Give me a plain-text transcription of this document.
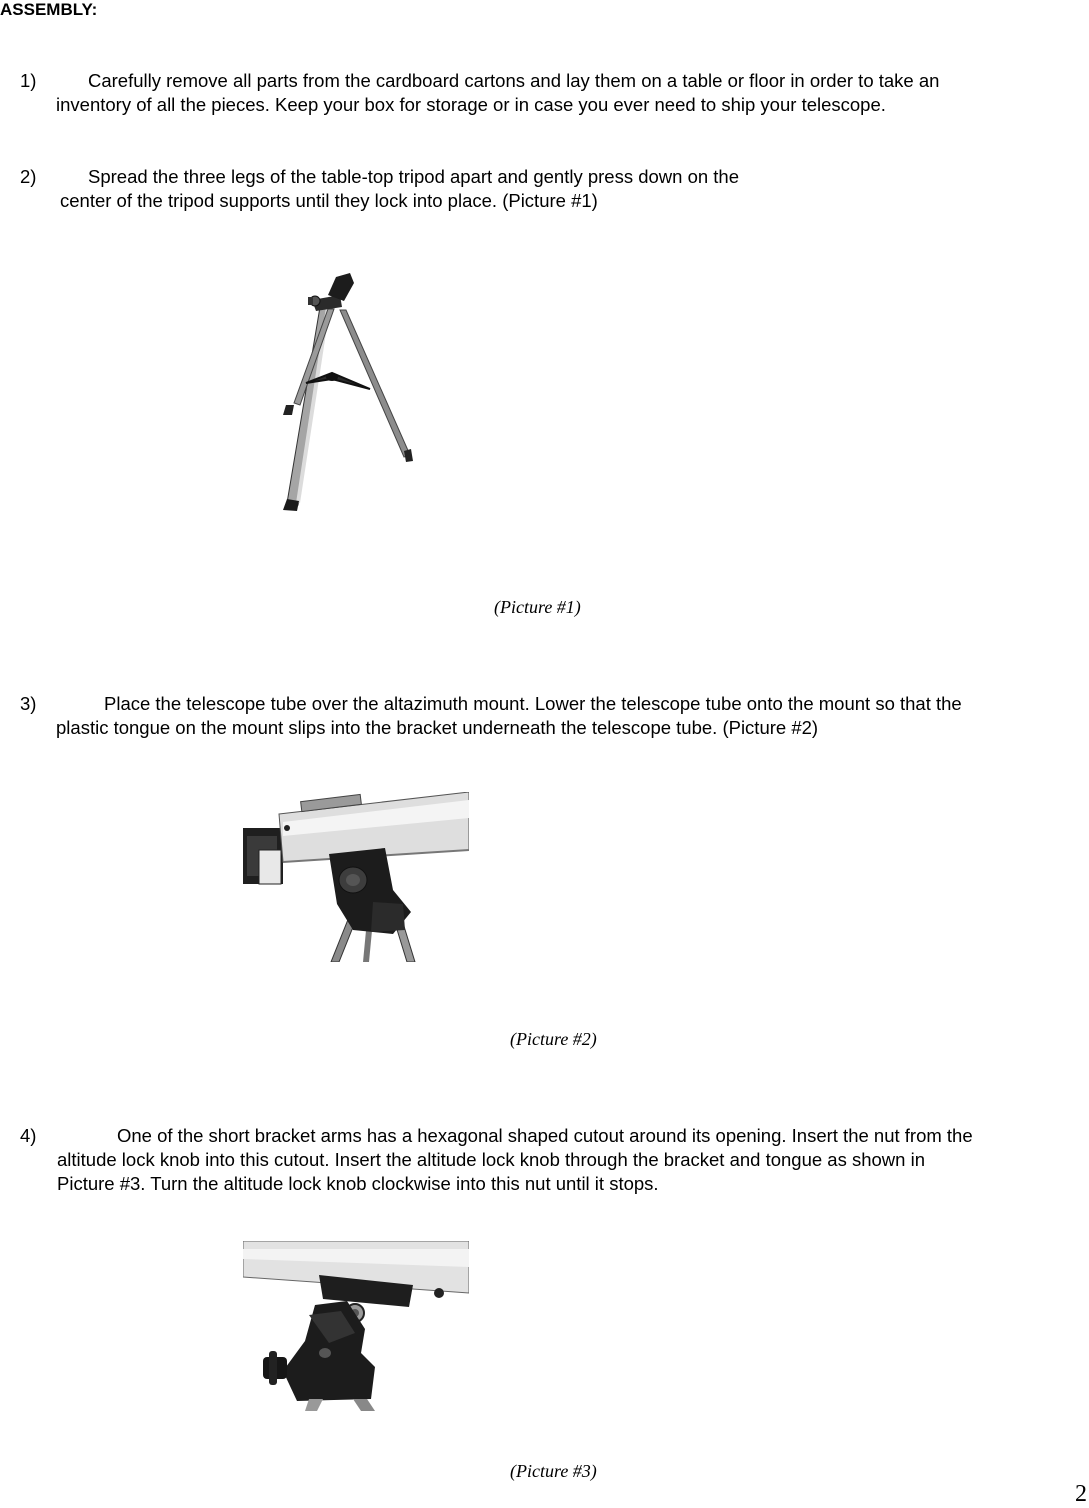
ASSEMBLY:
1)	Carefully remove all parts from the cardboard cartons and lay them on a table or floor in order to take an
inventory of all the pieces. Keep your box for storage or in case you ever need to ship your telescope.
2)	Spread the three legs of the table-top tripod apart and gently press down on the
center of the tripod supports until they lock into place. (Picture #1)
(Picture #1)
3)	Place the telescope tube over the altazimuth mount. Lower the telescope tube onto the mount so that the
plastic tongue on the mount slips into the bracket underneath the telescope tube. (Picture #2)
(Picture #2)
4)	One of the short bracket arms has a hexagonal shaped cutout around its opening. Insert the nut from the
altitude lock knob into this cutout. Insert the altitude lock knob through the bracket and tongue as shown in
Picture #3. Turn the altitude lock knob clockwise into this nut until it stops.
(Picture #3)
2
